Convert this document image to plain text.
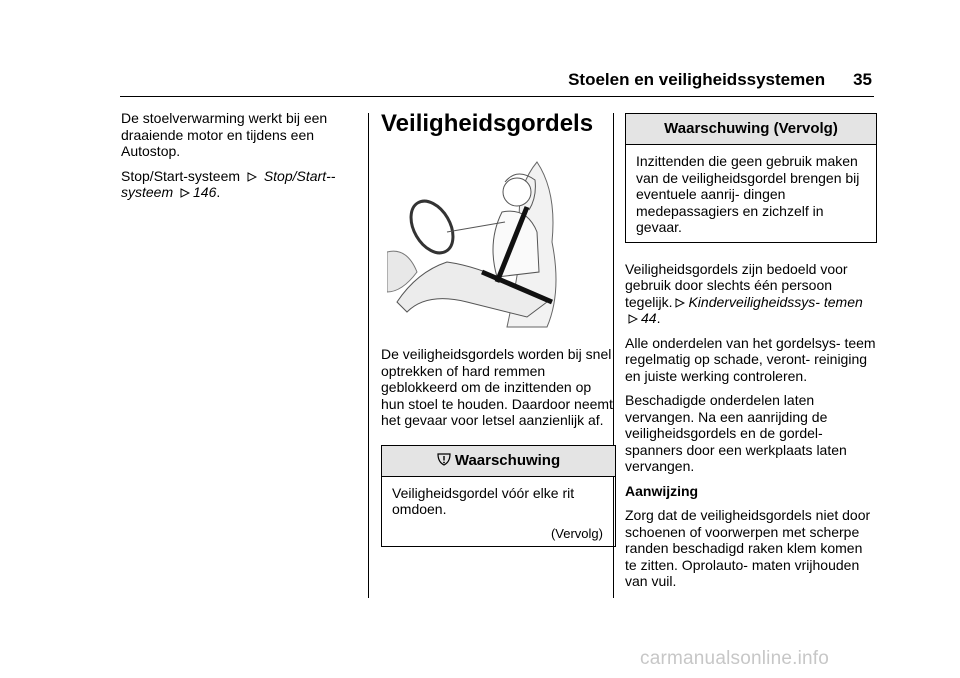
Stoelen en veiligheidssystemen 35

De stoelverwarming werkt bij een draaiende motor en tijdens een Autostop.

Stop/Start-systeem Stop/Start-- systeem 146.

Veiligheidsgordels

De veiligheidsgordels worden bij snel optrekken of hard remmen geblokkeerd om de inzittenden op hun stoel te houden. Daardoor neemt het gevaar voor letsel aanzienlijk af.

Waarschuwing

Veiligheidsgordel vóór elke rit omdoen.

(Vervolg)
Waarschuwing (Vervolg)

Inzittenden die geen gebruik maken van de veiligheidsgordel brengen bij eventuele aanrij- dingen medepassagiers en zichzelf in gevaar.

Veiligheidsgordels zijn bedoeld voor gebruik door slechts één persoon tegelijk. Kinderveiligheidssys- temen 44.

Alle onderdelen van het gordelsys- teem regelmatig op schade, veront- reiniging en juiste werking controleren.

Beschadigde onderdelen laten vervangen. Na een aanrijding de veiligheidsgordels en de gordel- spanners door een werkplaats laten vervangen.

Aanwijzing

Zorg dat de veiligheidsgordels niet door schoenen of voorwerpen met scherpe randen beschadigd raken klem komen te zitten. Oprolauto- maten vrijhouden van vuil.

carmanualsonline.info
